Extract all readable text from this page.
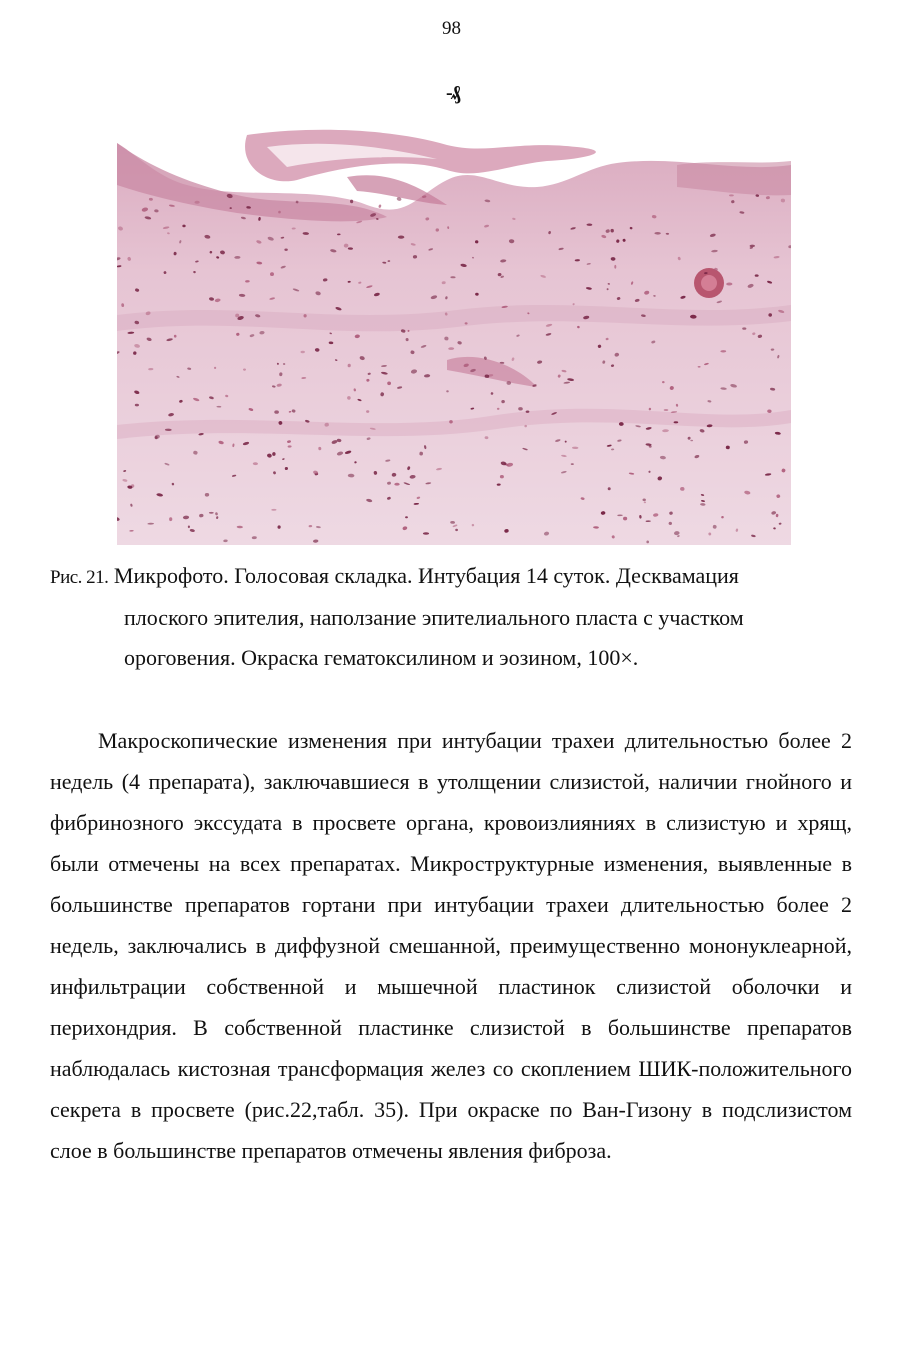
98
-₰
Рис. 21. Микрофото. Голосовая складка. Интубация 14 суток. Десквамация
плоского эпителия, наползание эпителиального пласта с участком
ороговения. Окраска гематоксилином и эозином, 100×.

Макроскопические изменения при интубации трахеи длительностью более 2 недель (4 препарата), заключавшиеся в утолщении слизистой, наличии гнойного и фибринозного экссудата в просвете органа, кровоизлияниях в слизистую и хрящ, были отмечены на всех препаратах. Микроструктурные изменения, выявленные в большинстве препаратов гортани при интубации трахеи длительностью более 2 недель, заключались в диффузной смешанной, преимущественно мононуклеарной, инфильтрации собственной и мышечной пластинок слизистой оболочки и перихондрия. В собственной пластинке слизистой в большинстве препаратов наблюдалась кистозная трансформация желез со скоплением ШИК-положительного секрета в просвете (рис.22,табл. 35). При окраске по Ван-Гизону в подслизистом слое в большинстве препаратов отмечены явления фиброза.
